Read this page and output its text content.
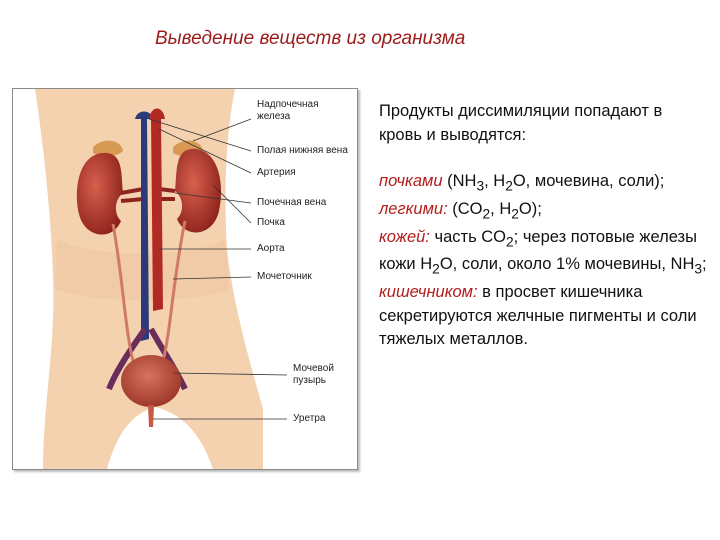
Выведение веществ из организма
Надпочечная
железа
Полая нижняя вена
Артерия
Почечная вена
Почка
Аорта
Мочеточник
Мочевой
пузырь
Уретра

Продукты диссимиляции попадают в кровь и выводятся:

почками ($NH_3$, $H_2O$, мочевина, соли);

легкими: ($CO_2$, $H_2O$);

кожей: часть $CO_2$; через потовые железы кожи $H_2O$, соли, около 1% мочевины, $NH_3$;

кишечником: в просвет кишечника секретируются желчные пигменты и соли тяжелых металлов.
